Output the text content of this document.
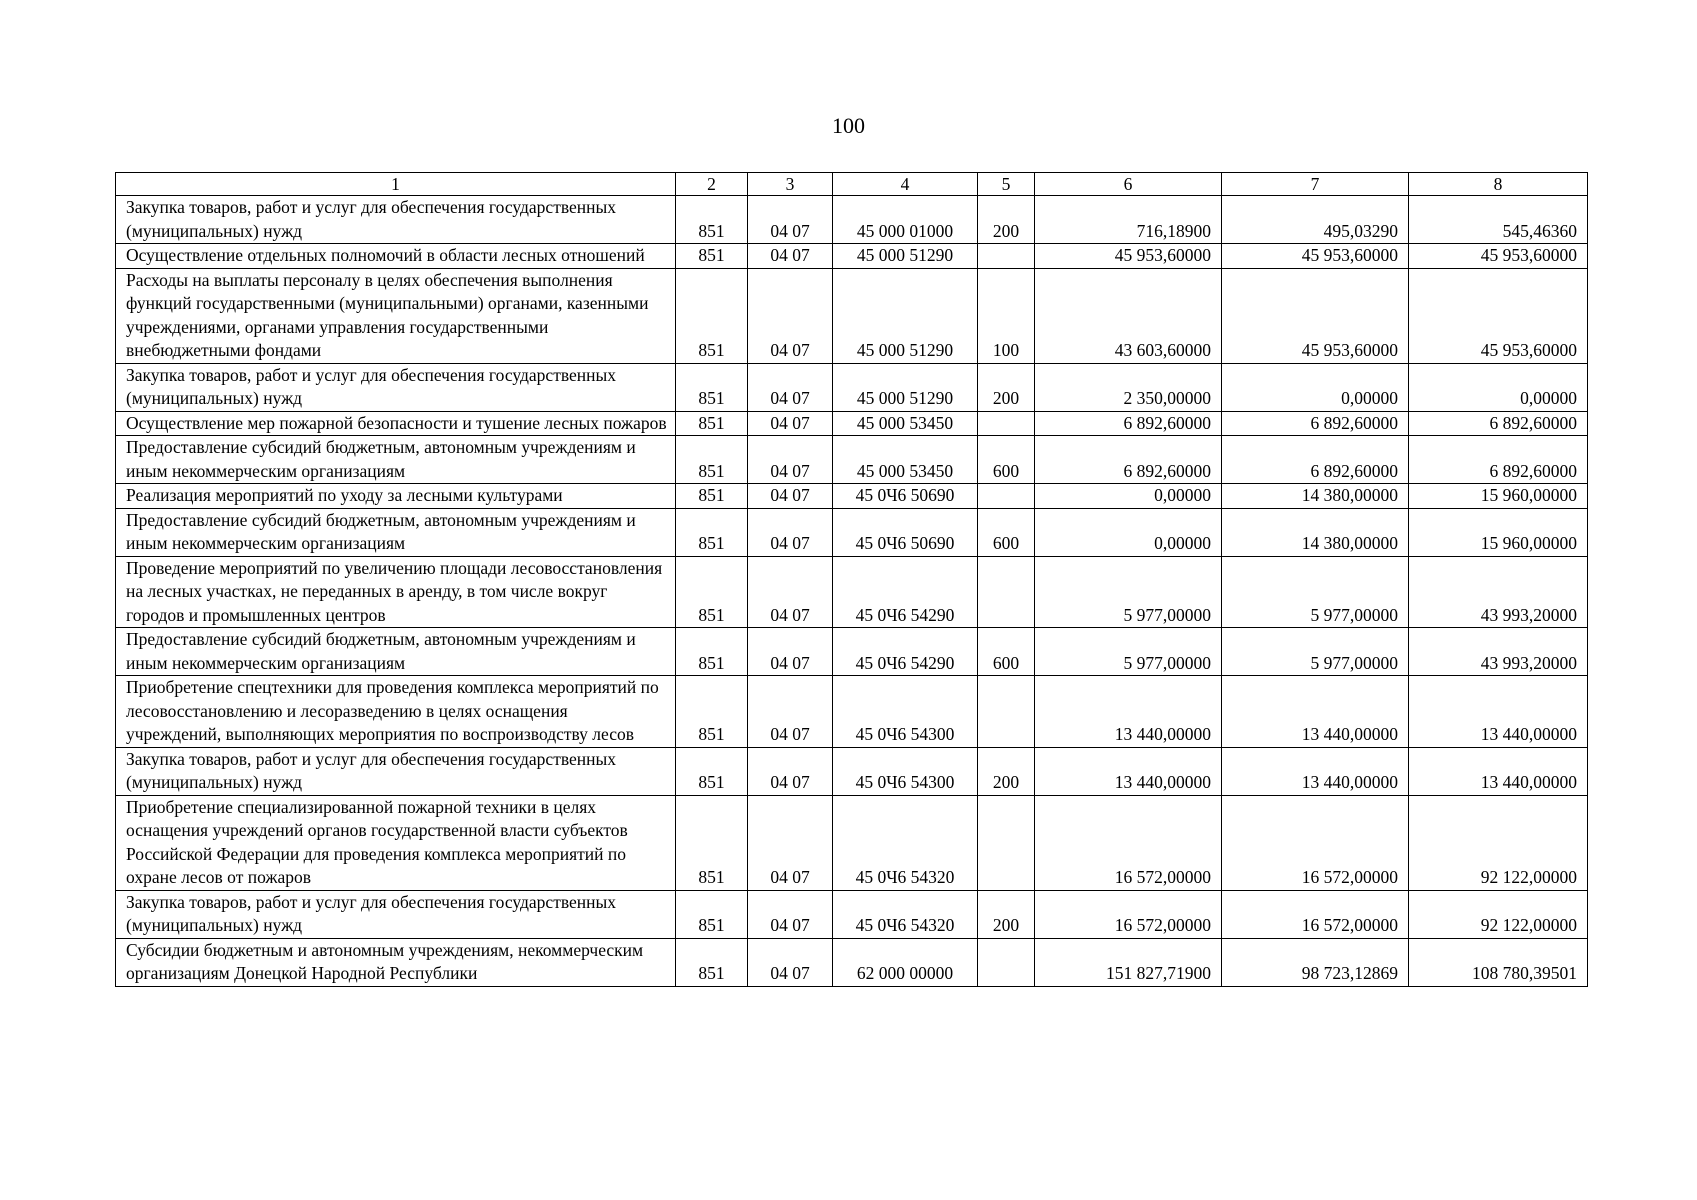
100
1	2	3	4	5	6	7	8
Закупка товаров, работ и услуг для обеспечения государственных (муниципальных) нужд	851	04 07	45 000 01000	200	716,18900	495,03290	545,46360
Осуществление отдельных полномочий в области лесных отношений	851	04 07	45 000 51290		45 953,60000	45 953,60000	45 953,60000
Расходы на выплаты персоналу в целях обеспечения выполнения функций государственными (муниципальными) органами, казенными учреждениями, органами управления государственными внебюджетными фондами	851	04 07	45 000 51290	100	43 603,60000	45 953,60000	45 953,60000
Закупка товаров, работ и услуг для обеспечения государственных (муниципальных) нужд	851	04 07	45 000 51290	200	2 350,00000	0,00000	0,00000
Осуществление мер пожарной безопасности и тушение лесных пожаров	851	04 07	45 000 53450		6 892,60000	6 892,60000	6 892,60000
Предоставление субсидий бюджетным, автономным учреждениям и иным некоммерческим организациям	851	04 07	45 000 53450	600	6 892,60000	6 892,60000	6 892,60000
Реализация мероприятий по уходу за лесными культурами	851	04 07	45 0Ч6 50690		0,00000	14 380,00000	15 960,00000
Предоставление субсидий бюджетным, автономным учреждениям и иным некоммерческим организациям	851	04 07	45 0Ч6 50690	600	0,00000	14 380,00000	15 960,00000
Проведение мероприятий по увеличению площади лесовосстановления на лесных участках, не переданных в аренду, в том числе вокруг городов и промышленных центров	851	04 07	45 0Ч6 54290		5 977,00000	5 977,00000	43 993,20000
Предоставление субсидий бюджетным, автономным учреждениям и иным некоммерческим организациям	851	04 07	45 0Ч6 54290	600	5 977,00000	5 977,00000	43 993,20000
Приобретение спецтехники для проведения комплекса мероприятий по лесовосстановлению и лесоразведению в целях оснащения учреждений, выполняющих мероприятия по воспроизводству лесов	851	04 07	45 0Ч6 54300		13 440,00000	13 440,00000	13 440,00000
Закупка товаров, работ и услуг для обеспечения государственных (муниципальных) нужд	851	04 07	45 0Ч6 54300	200	13 440,00000	13 440,00000	13 440,00000
Приобретение специализированной пожарной техники в целях оснащения учреждений органов государственной власти субъектов Российской Федерации для проведения комплекса мероприятий по охране лесов от пожаров	851	04 07	45 0Ч6 54320		16 572,00000	16 572,00000	92 122,00000
Закупка товаров, работ и услуг для обеспечения государственных (муниципальных) нужд	851	04 07	45 0Ч6 54320	200	16 572,00000	16 572,00000	92 122,00000
Субсидии бюджетным и автономным учреждениям, некоммерческим организациям Донецкой Народной Республики	851	04 07	62 000 00000		151 827,71900	98 723,12869	108 780,39501
